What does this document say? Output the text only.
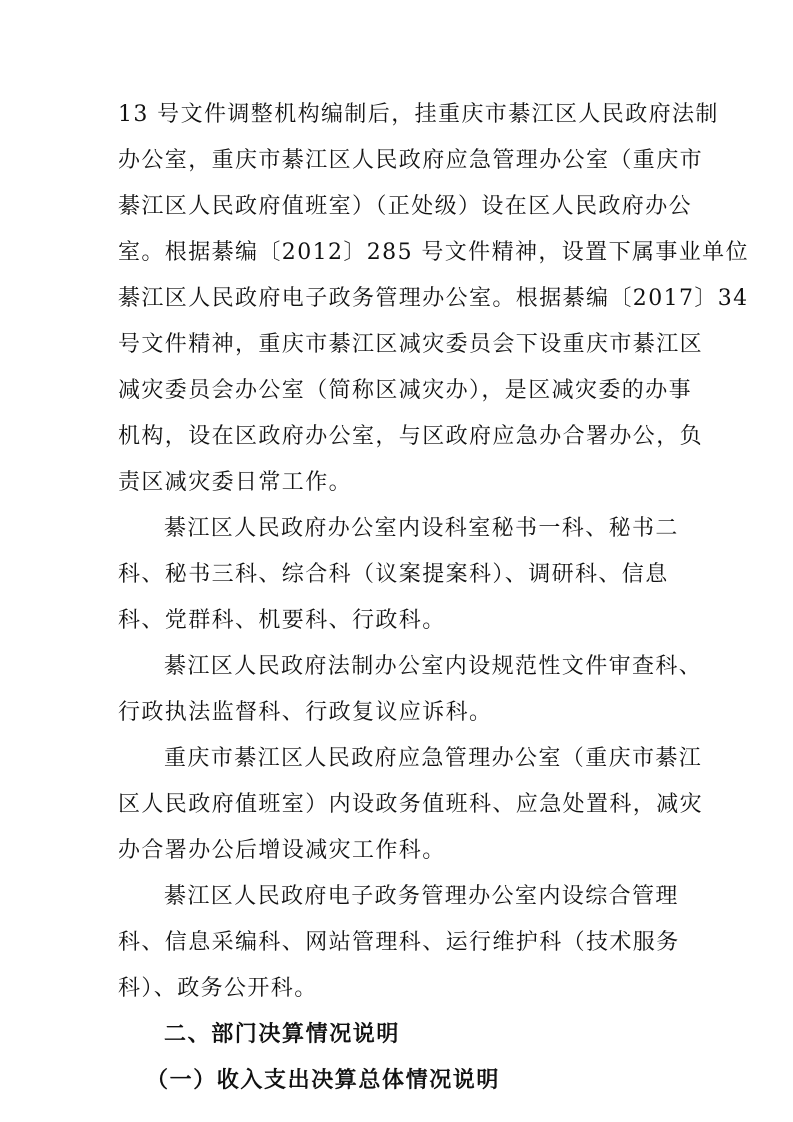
13 号文件调整机构编制后，挂重庆市綦江区人民政府法制
办公室，重庆市綦江区人民政府应急管理办公室（重庆市
綦江区人民政府值班室）（正处级）设在区人民政府办公
室。根据綦编〔2012〕285 号文件精神，设置下属事业单位
綦江区人民政府电子政务管理办公室。根据綦编〔2017〕34
号文件精神，重庆市綦江区减灾委员会下设重庆市綦江区
减灾委员会办公室（简称区减灾办），是区减灾委的办事
机构，设在区政府办公室，与区政府应急办合署办公，负
责区减灾委日常工作。
綦江区人民政府办公室内设科室秘书一科、秘书二
科、秘书三科、综合科（议案提案科）、调研科、信息
科、党群科、机要科、行政科。
綦江区人民政府法制办公室内设规范性文件审查科、
行政执法监督科、行政复议应诉科。
重庆市綦江区人民政府应急管理办公室（重庆市綦江
区人民政府值班室）内设政务值班科、应急处置科，减灾
办合署办公后增设减灾工作科。
綦江区人民政府电子政务管理办公室内设综合管理
科、信息采编科、网站管理科、运行维护科（技术服务
科）、政务公开科。
二、部门决算情况说明
（一）收入支出决算总体情况说明
